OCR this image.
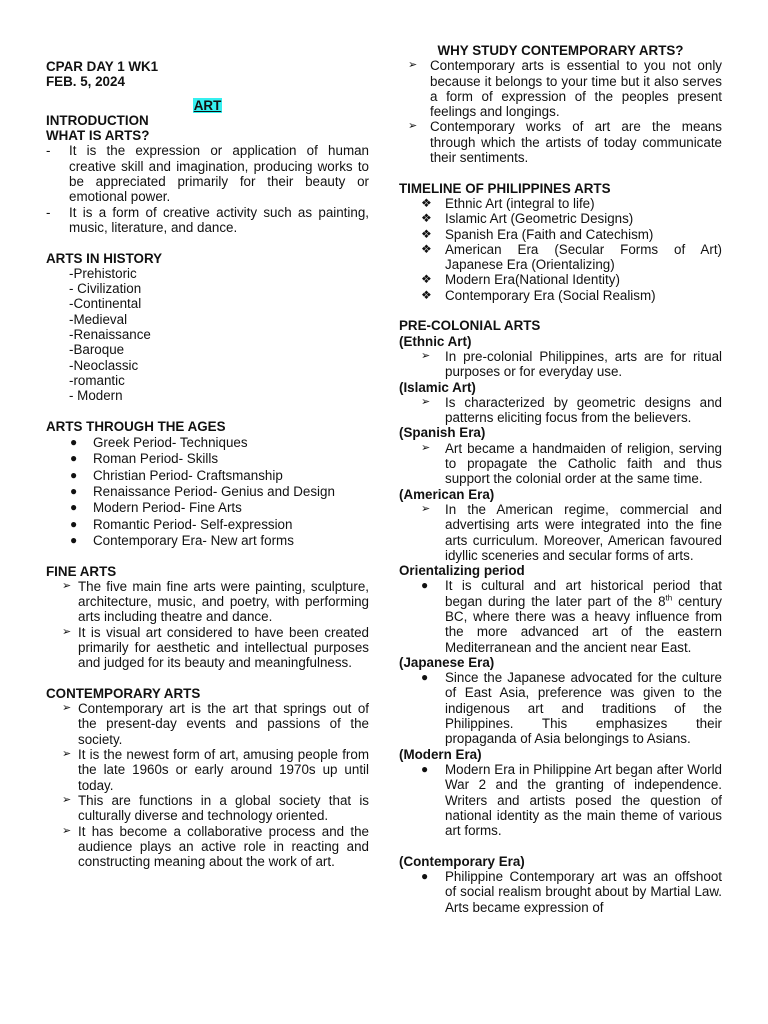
CPAR DAY 1 WK1

FEB. 5, 2024

ART

INTRODUCTION

WHAT IS ARTS?

-	It is the expression or application of human creative skill and imagination, producing works to be appreciated primarily for their beauty or emotional power.
-	It is a form of creative activity such as painting, music, literature, and dance.

ARTS IN HISTORY

-Prehistoric

- Civilization

-Continental

-Medieval

-Renaissance

-Baroque

-Neoclassic

-romantic

- Modern

ARTS THROUGH THE AGES

●	Greek Period- Techniques
●	Roman Period- Skills
●	Christian Period- Craftsmanship
●	Renaissance Period- Genius and Design
●	Modern Period- Fine Arts
●	Romantic Period- Self-expression
●	Contemporary Era- New art forms

FINE ARTS

➢ The five main fine arts were painting, sculpture, architecture, music, and poetry, with performing arts including theatre and dance.
➢ It is visual art considered to have been created primarily for aesthetic and intellectual purposes and judged for its beauty and meaningfulness.

CONTEMPORARY ARTS

➢ Contemporary art is the art that springs out of the present-day events and passions of the society.
➢ It is the newest form of art, amusing people from the late 1960s or early around 1970s up until today.
➢ This are functions in a global society that is culturally diverse and technology oriented.
➢ It has become a collaborative process and the audience plays an active role in reacting and constructing meaning about the work of art.

WHY STUDY CONTEMPORARY ARTS?

➢ Contemporary arts is essential to you not only because it belongs to your time but it also serves a form of expression of the peoples present feelings and longings.
➢ Contemporary works of art are the means through which the artists of today communicate their sentiments.

TIMELINE OF PHILIPPINES ARTS

❖ Ethnic Art (integral to life)
❖ Islamic Art (Geometric Designs)
❖ Spanish Era (Faith and Catechism)
❖ American Era (Secular Forms of Art) Japanese Era (Orientalizing)
❖ Modern Era(National Identity)
❖ Contemporary Era (Social Realism)

PRE-COLONIAL ARTS

(Ethnic Art)

➢	In pre-colonial Philippines, arts are for ritual purposes or for everyday use.

(Islamic Art)

➢	Is characterized by geometric designs and patterns eliciting focus from the believers.

(Spanish Era)

➢	Art became a handmaiden of religion, serving to propagate the Catholic faith and thus support the colonial order at the same time.

(American Era)

➢	In the American regime, commercial and advertising arts were integrated into the fine arts curriculum. Moreover, American favoured idyllic sceneries and secular forms of arts.

Orientalizing period

●	It is cultural and art historical period that began during the later part of the 8th century BC, where there was a heavy influence from the more advanced art of the eastern Mediterranean and the ancient near East.

(Japanese Era)

●	Since the Japanese advocated for the culture of East Asia, preference was given to the indigenous art and traditions of the Philippines. This emphasizes their propaganda of Asia belongings to Asians.

(Modern Era)

●	Modern Era in Philippine Art began after World War 2 and the granting of independence. Writers and artists posed the question of national identity as the main theme of various art forms.

(Contemporary Era)

●	Philippine Contemporary art was an offshoot of social realism brought about by Martial Law. Arts became expression of
